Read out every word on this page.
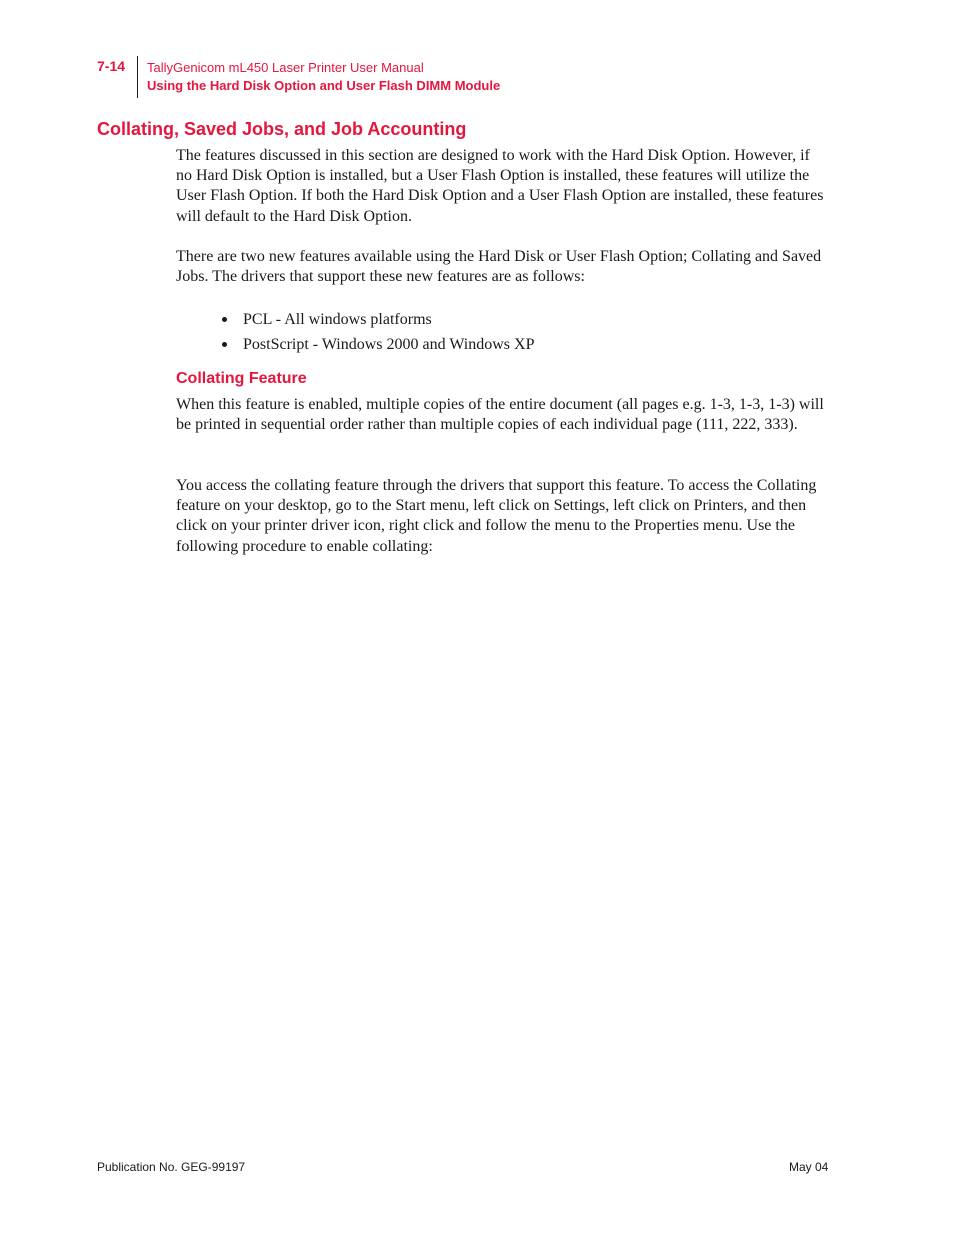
7-14 TallyGenicom mL450 Laser Printer User Manual
Using the Hard Disk Option and User Flash DIMM Module
Collating, Saved Jobs, and Job Accounting

The features discussed in this section are designed to work with the Hard Disk Option. However, if no Hard Disk Option is installed, but a User Flash Option is installed, these features will utilize the User Flash Option. If both the Hard Disk Option and a User Flash Option are installed, these features will default to the Hard Disk Option.

There are two new features available using the Hard Disk or User Flash Option; Collating and Saved Jobs. The drivers that support these new features are as follows:

PCL - All windows platforms
PostScript - Windows 2000 and Windows XP
Collating Feature

When this feature is enabled, multiple copies of the entire document (all pages e.g. 1-3, 1-3, 1-3) will be printed in sequential order rather than multiple copies of each individual page (111, 222, 333).

You access the collating feature through the drivers that support this feature. To access the Collating feature on your desktop, go to the Start menu, left click on Settings, left click on Printers, and then click on your printer driver icon, right click and follow the menu to the Properties menu. Use the following procedure to enable collating:

Publication No. GEG-99197	May 04
